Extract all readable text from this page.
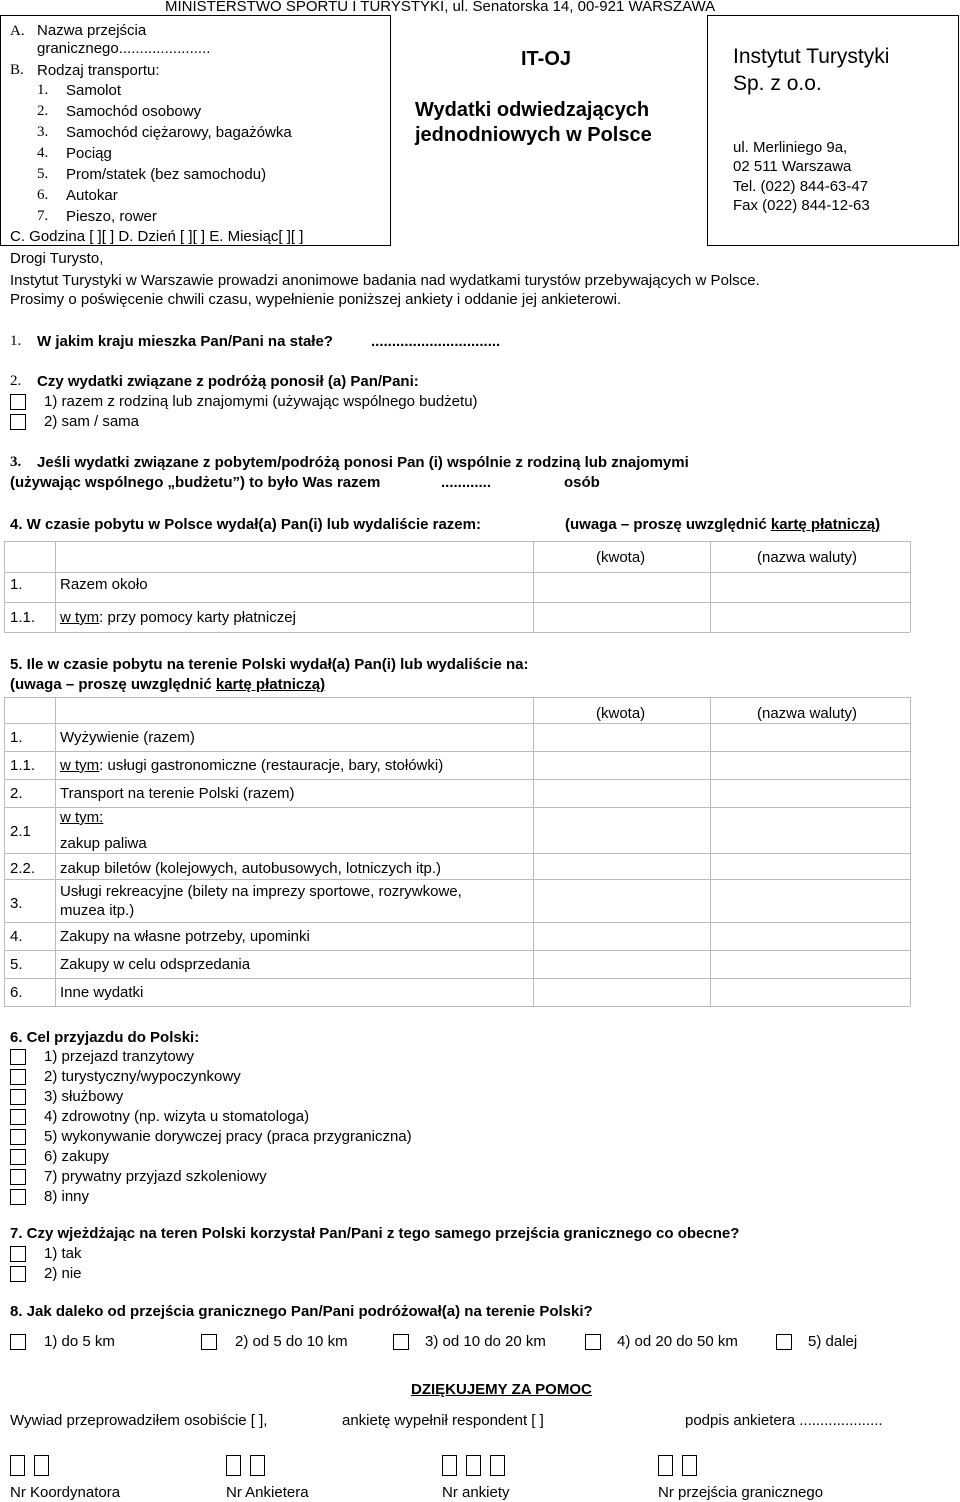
MINISTERSTWO SPORTU I TURYSTYKI, ul. Senatorska 14, 00-921 WARSZAWA
A. Nazwa przejścia
granicznego......................
B. Rodzaj transportu:
1. Samolot
2. Samochód osobowy
3. Samochód ciężarowy, bagażówka
4. Pociąg
5. Prom/statek (bez samochodu)
6. Autokar
7. Pieszo, rower
C. Godzina [ ][ ] D. Dzień [ ][ ] E. Miesiąc[ ][ ]
IT-OJ
Wydatki odwiedzających
jednodniowych w Polsce
Instytut Turystyki
Sp. z o.o.
ul. Merliniego 9a,
02 511 Warszawa
Tel. (022) 844-63-47
Fax (022) 844-12-63
Drogi Turysto,
Instytut Turystyki w Warszawie prowadzi anonimowe badania nad wydatkami turystów przebywających w Polsce.
Prosimy o poświęcenie chwili czasu, wypełnienie poniższej ankiety i oddanie jej ankieterowi.
1. W jakim kraju mieszka Pan/Pani na stałe?	...............................
2. Czy wydatki związane z podróżą ponosił (a) Pan/Pani:
1) razem z rodziną lub znajomymi (używając wspólnego budżetu)
2) sam / sama
3. Jeśli wydatki związane z pobytem/podróżą ponosi Pan (i) wspólnie z rodziną lub znajomymi
(używając wspólnego „budżetu”) to było Was razem	............	osób
4. W czasie pobytu w Polsce wydał(a) Pan(i) lub wydaliście razem:	(uwaga – proszę uwzględnić kartę płatniczą)
(kwota)	(nazwa waluty)
1. Razem około
1.1. w tym: przy pomocy karty płatniczej
5. Ile w czasie pobytu na terenie Polski wydał(a) Pan(i) lub wydaliście na:
(uwaga – proszę uwzględnić kartę płatniczą)
(kwota)	(nazwa waluty)
1. Wyżywienie (razem)
1.1. w tym: usługi gastronomiczne (restauracje, bary, stołówki)
2. Transport na terenie Polski (razem)
2.1
w tym:
zakup paliwa
2.2. zakup biletów (kolejowych, autobusowych, lotniczych itp.)
3.
Usługi rekreacyjne (bilety na imprezy sportowe, rozrywkowe,
muzea itp.)
4. Zakupy na własne potrzeby, upominki
5. Zakupy w celu odsprzedania
6. Inne wydatki
6. Cel przyjazdu do Polski:
1) przejazd tranzytowy
2) turystyczny/wypoczynkowy
3) służbowy
4) zdrowotny (np. wizyta u stomatologa)
5) wykonywanie dorywczej pracy (praca przygraniczna)
6) zakupy
7) prywatny przyjazd szkoleniowy
8) inny
7. Czy wjeżdżając na teren Polski korzystał Pan/Pani z tego samego przejścia granicznego co obecne?
1) tak
2) nie
8. Jak daleko od przejścia granicznego Pan/Pani podróżował(a) na terenie Polski?
1) do 5 km	2) od 5 do 10 km	3) od 10 do 20 km	4) od 20 do 50 km	5) dalej
DZIĘKUJEMY ZA POMOC
Wywiad przeprowadziłem osobiście [ ],	ankietę wypełnił respondent [ ]	podpis ankietera ....................
Nr Koordynatora	Nr Ankietera	Nr ankiety	Nr przejścia granicznego
